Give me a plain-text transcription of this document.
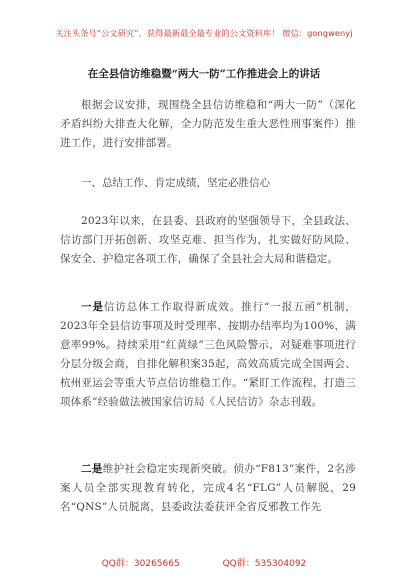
关注头条号“公文研究”，获得最新最全最专业的公文资料库！ 微信：gongwenyj
在全县信访维稳暨“两大一防”工作推进会上的讲话

根据会议安排，现围绕全县信访维稳和“两大一防”（深化矛盾纠纷大排查大化解，全力防范发生重大恶性刑事案件）推进工作，进行安排部署。

一、总结工作、肯定成绩，坚定必胜信心

2023年以来，在县委、县政府的坚强领导下，全县政法、信访部门开拓创新、攻坚克难、担当作为，扎实做好防风险、保安全、护稳定各项工作，确保了全县社会大局和谐稳定。

一是信访总体工作取得新成效。推行“一报五函”机制，2023年全县信访事项及时受理率、按期办结率均为100%，满意率99%。持续采用“红黄绿”三色风险警示，对疑难事项进行分层分级会商，自排化解积案35起，高效高质完成全国两会、杭州亚运会等重大节点信访维稳工作。“紧盯工作流程，打造三项体系”经验做法被国家信访局《人民信访》杂志刊载。

二是维护社会稳定实现新突破。侦办“F813”案件，2名涉案人员全部实现教育转化，完成4名“FLG”人员解脱，29名“QNS”人员脱离，县委政法委获评全省反邪教工作先

QQ群：30265665	QQ群：535304092
